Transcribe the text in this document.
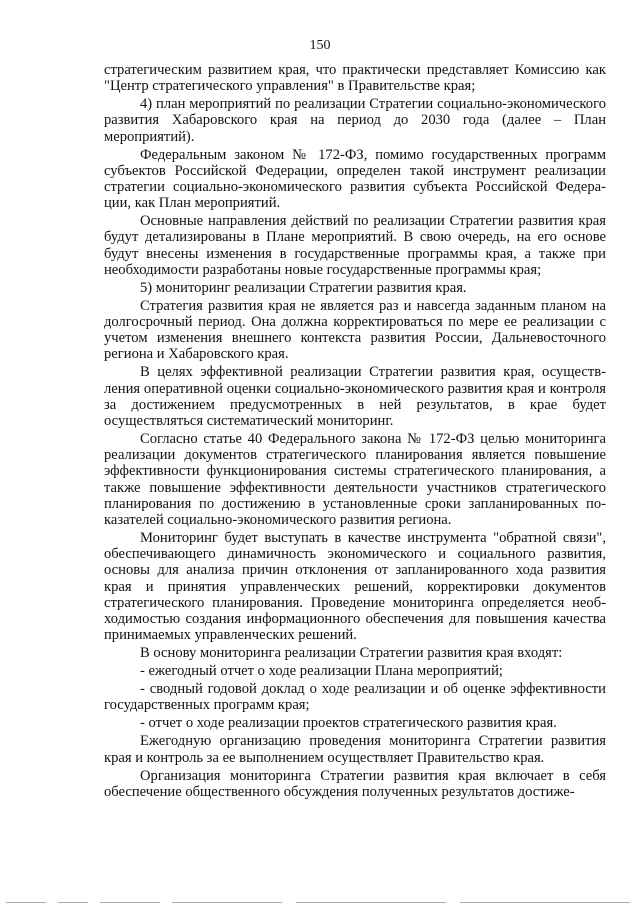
150

стратегическим развитием края, что практически представляет Комиссию как "Центр стратегического управления" в Правительстве края;

4) план мероприятий по реализации Стратегии социально-экономического развития Хабаровского края на период до 2030 года (далее – План мероприятий).

Федеральным законом № 172-ФЗ, помимо государственных программ субъектов Российской Федерации, определен такой инструмент реализации стратегии социально-экономического развития субъекта Российской Федерации, как План мероприятий.

Основные направления действий по реализации Стратегии развития края будут детализированы в Плане мероприятий. В свою очередь, на его основе будут внесены изменения в государственные программы края, а также при необходимости разработаны новые государственные программы края;

5) мониторинг реализации Стратегии развития края.

Стратегия развития края не является раз и навсегда заданным планом на долгосрочный период. Она должна корректироваться по мере ее реализации с учетом изменения внешнего контекста развития России, Дальневосточного региона и Хабаровского края.

В целях эффективной реализации Стратегии развития края, осуществления оперативной оценки социально-экономического развития края и контроля за достижением предусмотренных в ней результатов, в крае будет осуществляться систематический мониторинг.

Согласно статье 40 Федерального закона № 172-ФЗ целью мониторинга реализации документов стратегического планирования является повышение эффективности функционирования системы стратегического планирования, а также повышение эффективности деятельности участников стратегического планирования по достижению в установленные сроки запланированных показателей социально-экономического развития региона.

Мониторинг будет выступать в качестве инструмента "обратной связи", обеспечивающего динамичность экономического и социального развития, основы для анализа причин отклонения от запланированного хода развития края и принятия управленческих решений, корректировки документов стратегического планирования. Проведение мониторинга определяется необходимостью создания информационного обеспечения для повышения качества принимаемых управленческих решений.

В основу мониторинга реализации Стратегии развития края входят:

- ежегодный отчет о ходе реализации Плана мероприятий;

- сводный годовой доклад о ходе реализации и об оценке эффективности государственных программ края;

- отчет о ходе реализации проектов стратегического развития края.

Ежегодную организацию проведения мониторинга Стратегии развития края и контроль за ее выполнением осуществляет Правительство края.

Организация мониторинга Стратегии развития края включает в себя обеспечение общественного обсуждения полученных результатов достиже-
